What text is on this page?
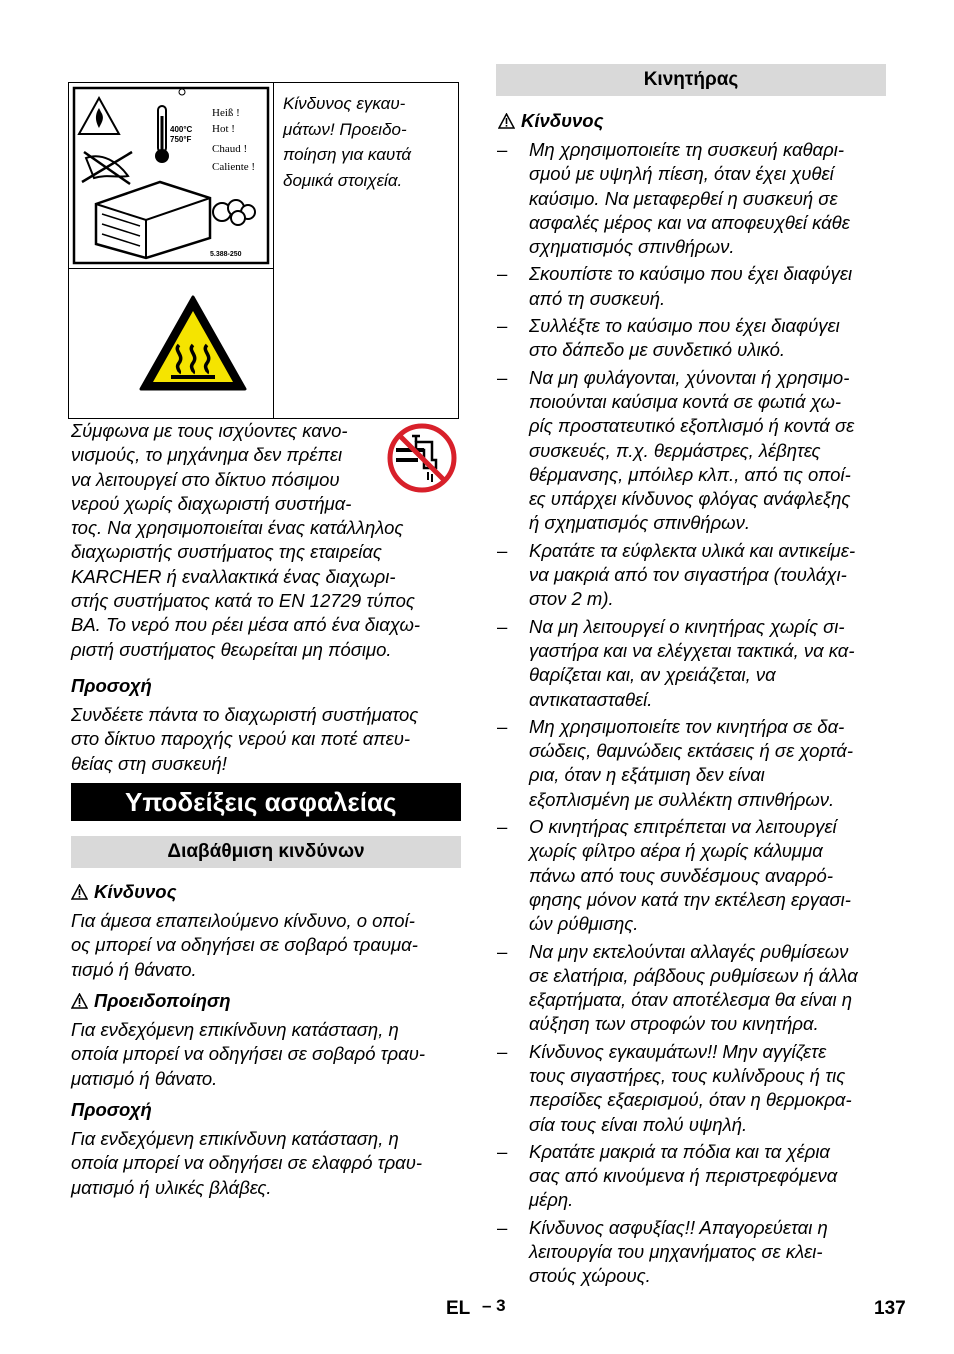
400°C
750°F
5.388-250
Heiß !
Hot !
Chaud !
Caliente !
Κίνδυνος εγκαυ-
μάτων! Προειδο-
ποίηση για καυτά
δομικά στοιχεία.

Σύμφωνα με τους ισχύοντες κανο-
νισμούς, το μηχάνημα δεν πρέπει
να λειτουργεί στο δίκτυο πόσιμου
νερού χωρίς διαχωριστή συστήμα-
τος. Να χρησιμοποιείται ένας κατάλληλος
διαχωριστής συστήματος της εταιρείας
KARCHER ή εναλλακτικά ένας διαχωρι-
στής συστήματος κατά το EN 12729 τύπος
BA. Το νερό που ρέει μέσα από ένα διαχω-
ριστή συστήματος θεωρείται μη πόσιμο.

Προσοχή

Συνδέετε πάντα το διαχωριστή συστήματος
στο δίκτυο παροχής νερού και ποτέ απευ-
θείας στη συσκευή!

Υποδείξεις ασφαλείας
Διαβάθμιση κινδύνων
Κίνδυνος

Για άμεσα επαπειλούμενο κίνδυνο, ο οποί-
ος μπορεί να οδηγήσει σε σοβαρό τραυμα-
τισμό ή θάνατο.

Προειδοποίηση

Για ενδεχόμενη επικίνδυνη κατάσταση, η
οποία μπορεί να οδηγήσει σε σοβαρό τραυ-
ματισμό ή θάνατο.

Προσοχή

Για ενδεχόμενη επικίνδυνη κατάσταση, η
οποία μπορεί να οδηγήσει σε ελαφρό τραυ-
ματισμό ή υλικές βλάβες.

Κινητήρας
Κίνδυνος
– Μη χρησιμοποιείτε τη συσκευή καθαρι-
σμού με υψηλή πίεση, όταν έχει χυθεί
καύσιμο. Να μεταφερθεί η συσκευή σε
ασφαλές μέρος και να αποφευχθεί κάθε
σχηματισμός σπινθήρων.
– Σκουπίστε το καύσιμο που έχει διαφύγει
από τη συσκευή.
– Συλλέξτε το καύσιμο που έχει διαφύγει
στο δάπεδο με συνδετικό υλικό.
– Να μη φυλάγονται, χύνονται ή χρησιμο-
ποιούνται καύσιμα κοντά σε φωτιά χω-
ρίς προστατευτικό εξοπλισμό ή κοντά σε
συσκευές, π.χ. θερμάστρες, λέβητες
θέρμανσης, μπόιλερ κλπ., από τις οποί-
ες υπάρχει κίνδυνος φλόγας ανάφλεξης
ή σχηματισμός σπινθήρων.
– Κρατάτε τα εύφλεκτα υλικά και αντικείμε-
να μακριά από τον σιγαστήρα (τουλάχι-
στον 2 m).
– Να μη λειτουργεί ο κινητήρας χωρίς σι-
γαστήρα και να ελέγχεται τακτικά, να κα-
θαρίζεται και, αν χρειάζεται, να
αντικατασταθεί.
– Μη χρησιμοποιείτε τον κινητήρα σε δα-
σώδεις, θαμνώδεις εκτάσεις ή σε χορτά-
ρια, όταν η εξάτμιση δεν είναι
εξοπλισμένη με συλλέκτη σπινθήρων.
– Ο κινητήρας επιτρέπεται να λειτουργεί
χωρίς φίλτρο αέρα ή χωρίς κάλυμμα
πάνω από τους συνδέσμους αναρρό-
φησης μόνον κατά την εκτέλεση εργασι-
ών ρύθμισης.
– Να μην εκτελούνται αλλαγές ρυθμίσεων
σε ελατήρια, ράβδους ρυθμίσεων ή άλλα
εξαρτήματα, όταν αποτέλεσμα θα είναι η
αύξηση των στροφών του κινητήρα.
– Κίνδυνος εγκαυμάτων!! Μην αγγίζετε
τους σιγαστήρες, τους κυλίνδρους ή τις
περσίδες εξαερισμού, όταν η θερμοκρα-
σία τους είναι πολύ υψηλή.
– Κρατάτε μακριά τα πόδια και τα χέρια
σας από κινούμενα ή περιστρεφόμενα
μέρη.
– Κίνδυνος ασφυξίας!! Απαγορεύεται η
λειτουργία του μηχανήματος σε κλει-
στούς χώρους.
EL – 3	137
